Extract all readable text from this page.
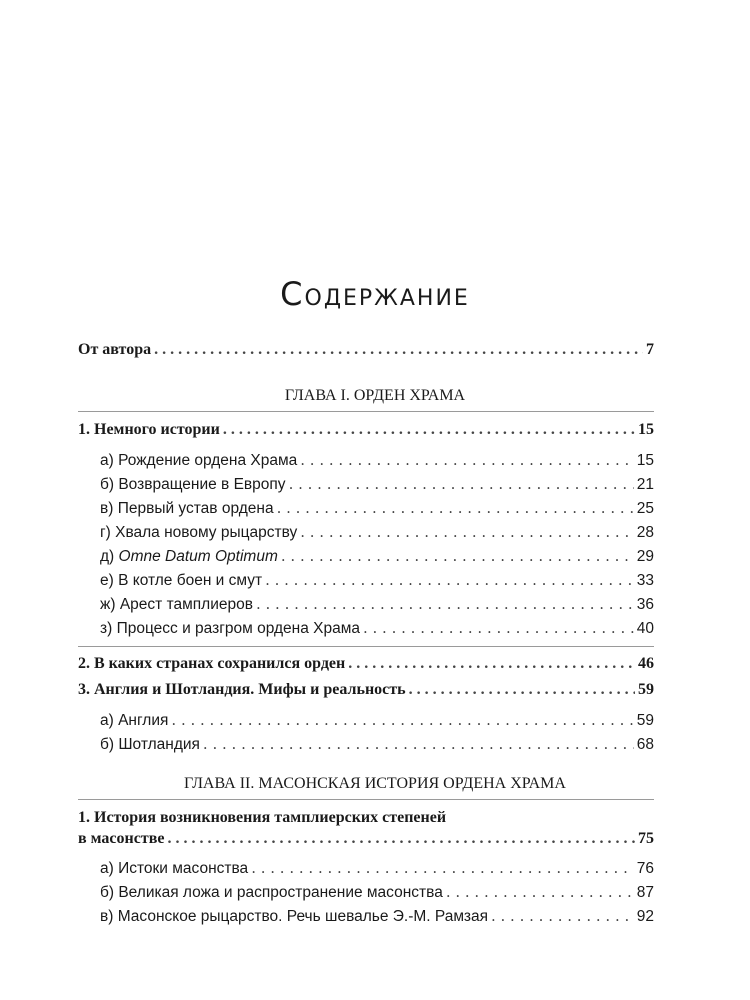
Содержание
От автора . . .	7
ГЛАВА I. ОРДЕН ХРАМА
1. Немного истории . . .	15
а) Рождение ордена Храма . . .	15
б) Возвращение в Европу . . .	21
в) Первый устав ордена . . .	25
г) Хвала новому рыцарству . . .	28
д) Omne Datum Optimum . . .	29
е) В котле боен и смут . . .	33
ж) Арест тамплиеров . . .	36
з) Процесс и разгром ордена Храма . . .	40
2. В каких странах сохранился орден . . .	46
3. Англия и Шотландия. Мифы и реальность . . .	59
а) Англия . . .	59
б) Шотландия . . .	68
ГЛАВА II. МАСОНСКАЯ ИСТОРИЯ ОРДЕНА ХРАМА
1. История возникновения тамплиерских степеней
в масонстве . . .	75
а) Истоки масонства . . .	76
б) Великая ложа и распространение масонства . . .	87
в) Масонское рыцарство. Речь шевалье Э.-М. Рамзая . . .	92
